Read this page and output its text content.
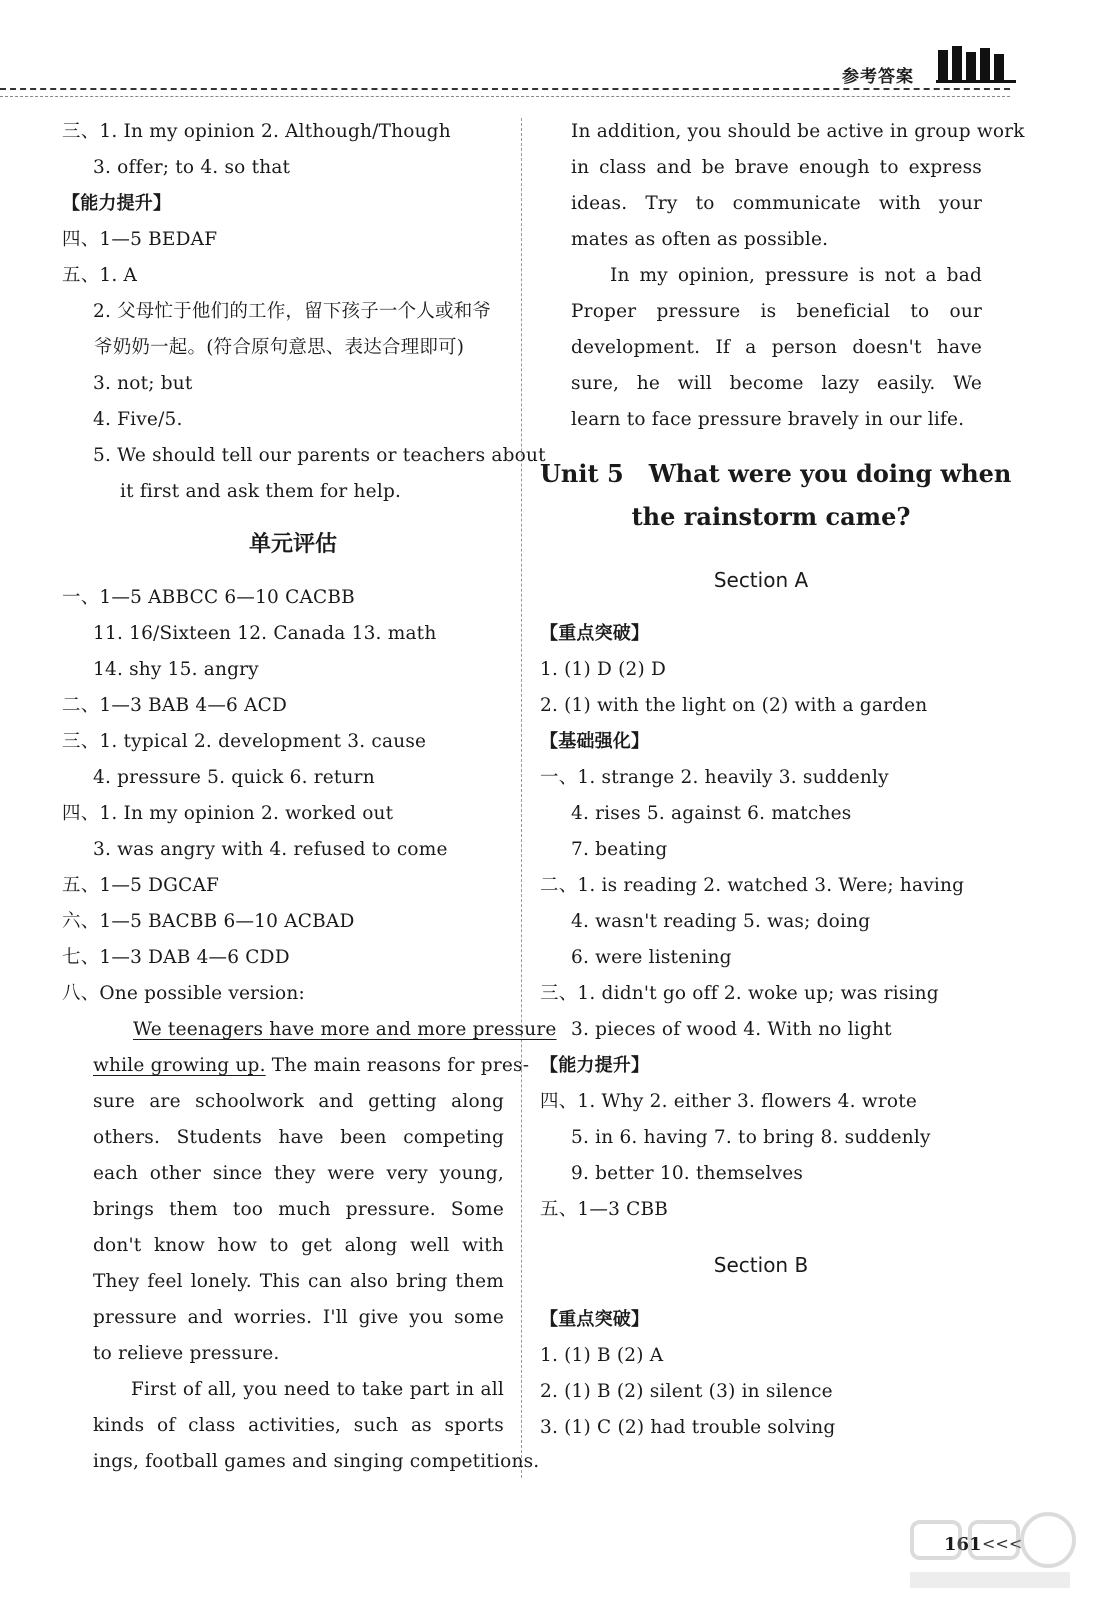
参考答案
三、1. In my opinion 2. Although/Though
3. offer; to 4. so that
【能力提升】
四、1—5 BEDAF
五、1. A
2. 父母忙于他们的工作，留下孩子一个人或和爷
爷奶奶一起。(符合原句意思、表达合理即可)
3. not; but
4. Five/5.
5. We should tell our parents or teachers about
it first and ask them for help.
单元评估
一、1—5 ABBCC 6—10 CACBB
11. 16/Sixteen 12. Canada 13. math
14. shy 15. angry
二、1—3 BAB 4—6 ACD
三、1. typical 2. development 3. cause
4. pressure 5. quick 6. return
四、1. In my opinion 2. worked out
3. was angry with 4. refused to come
五、1—5 DGCAF
六、1—5 BACBB 6—10 ACBAD
七、1—3 DAB 4—6 CDD
八、One possible version:
We teenagers have more and more pressure
while growing up. The main reasons for pres-
sure are schoolwork and getting along
others. Students have been competing
each other since they were very young,
brings them too much pressure. Some
don't know how to get along well with
They feel lonely. This can also bring them
pressure and worries. I'll give you some
to relieve pressure.
First of all, you need to take part in all
kinds of class activities, such as sports
ings, football games and singing competitions.
In addition, you should be active in group work
in class and be brave enough to express
ideas. Try to communicate with your
mates as often as possible.
In my opinion, pressure is not a bad
Proper pressure is beneficial to our
development. If a person doesn't have
sure, he will become lazy easily. We
learn to face pressure bravely in our life.
Unit 5   What were you doing when
the rainstorm came?
Section A
【重点突破】
1. (1) D (2) D
2. (1) with the light on (2) with a garden
【基础强化】
一、1. strange 2. heavily 3. suddenly
4. rises 5. against 6. matches
7. beating
二、1. is reading 2. watched 3. Were; having
4. wasn't reading 5. was; doing
6. were listening
三、1. didn't go off 2. woke up; was rising
3. pieces of wood 4. With no light
【能力提升】
四、1. Why 2. either 3. flowers 4. wrote
5. in 6. having 7. to bring 8. suddenly
9. better 10. themselves
五、1—3 CBB
Section B
【重点突破】
1. (1) B (2) A
2. (1) B (2) silent (3) in silence
3. (1) C (2) had trouble solving
161 <<<
